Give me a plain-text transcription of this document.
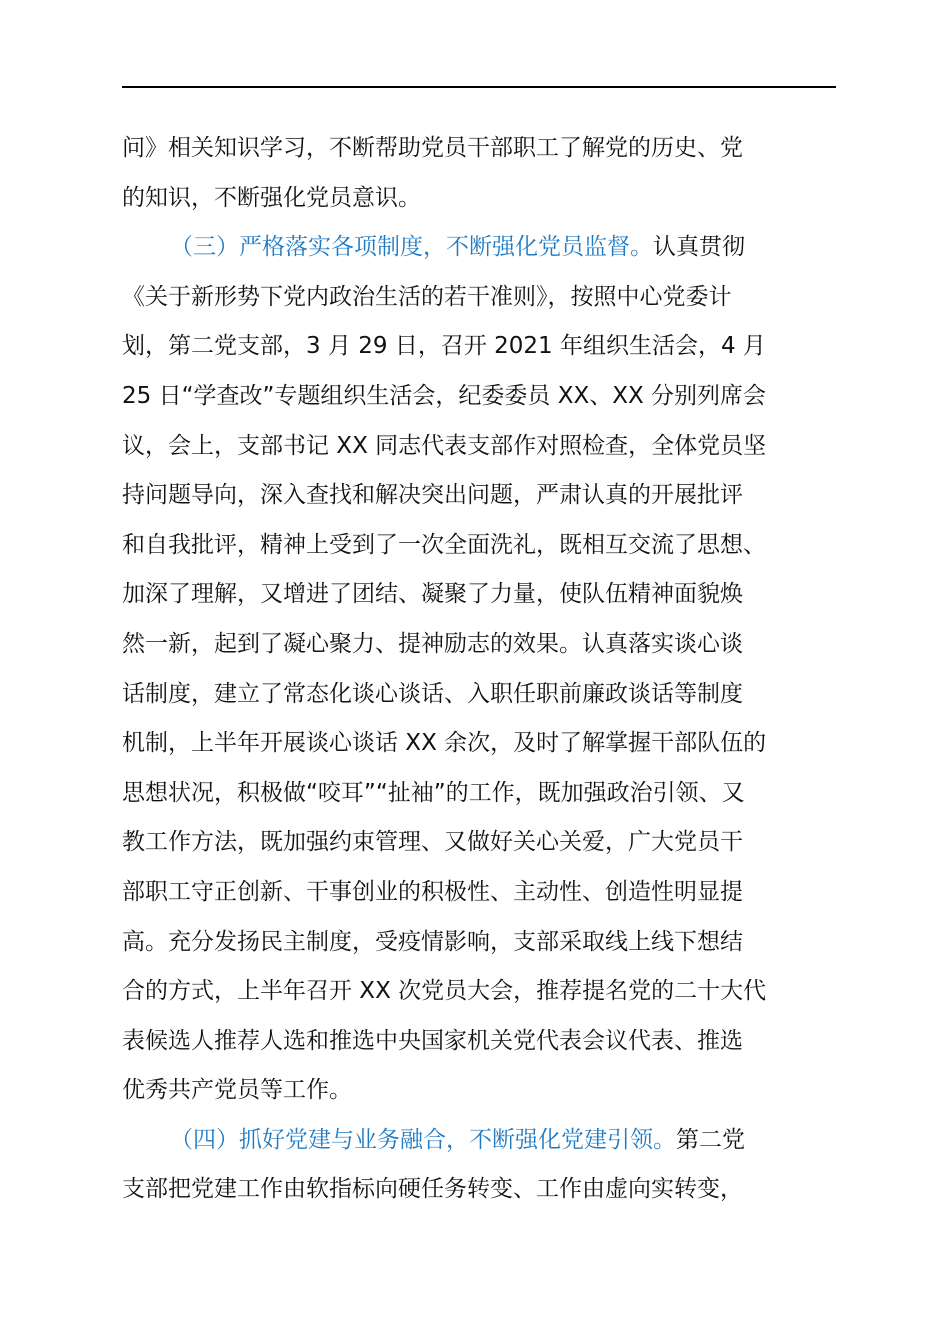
问》相关知识学习，不断帮助党员干部职工了解党的历史、党
的知识，不断强化党员意识。
（三）严格落实各项制度，不断强化党员监督。认真贯彻
《关于新形势下党内政治生活的若干准则》，按照中心党委计
划，第二党支部，3 月 29 日，召开 2021 年组织生活会，4 月
25 日“学查改”专题组织生活会，纪委委员 XX、XX 分别列席会
议，会上，支部书记 XX 同志代表支部作对照检查，全体党员坚
持问题导向，深入查找和解决突出问题，严肃认真的开展批评
和自我批评，精神上受到了一次全面洗礼，既相互交流了思想、
加深了理解，又增进了团结、凝聚了力量，使队伍精神面貌焕
然一新，起到了凝心聚力、提神励志的效果。认真落实谈心谈
话制度，建立了常态化谈心谈话、入职任职前廉政谈话等制度
机制，上半年开展谈心谈话 XX 余次，及时了解掌握干部队伍的
思想状况，积极做“咬耳”“扯袖”的工作，既加强政治引领、又
教工作方法，既加强约束管理、又做好关心关爱，广大党员干
部职工守正创新、干事创业的积极性、主动性、创造性明显提
高。充分发扬民主制度，受疫情影响，支部采取线上线下想结
合的方式，上半年召开 XX 次党员大会，推荐提名党的二十大代
表候选人推荐人选和推选中央国家机关党代表会议代表、推选
优秀共产党员等工作。
（四）抓好党建与业务融合，不断强化党建引领。第二党
支部把党建工作由软指标向硬任务转变、工作由虚向实转变，
